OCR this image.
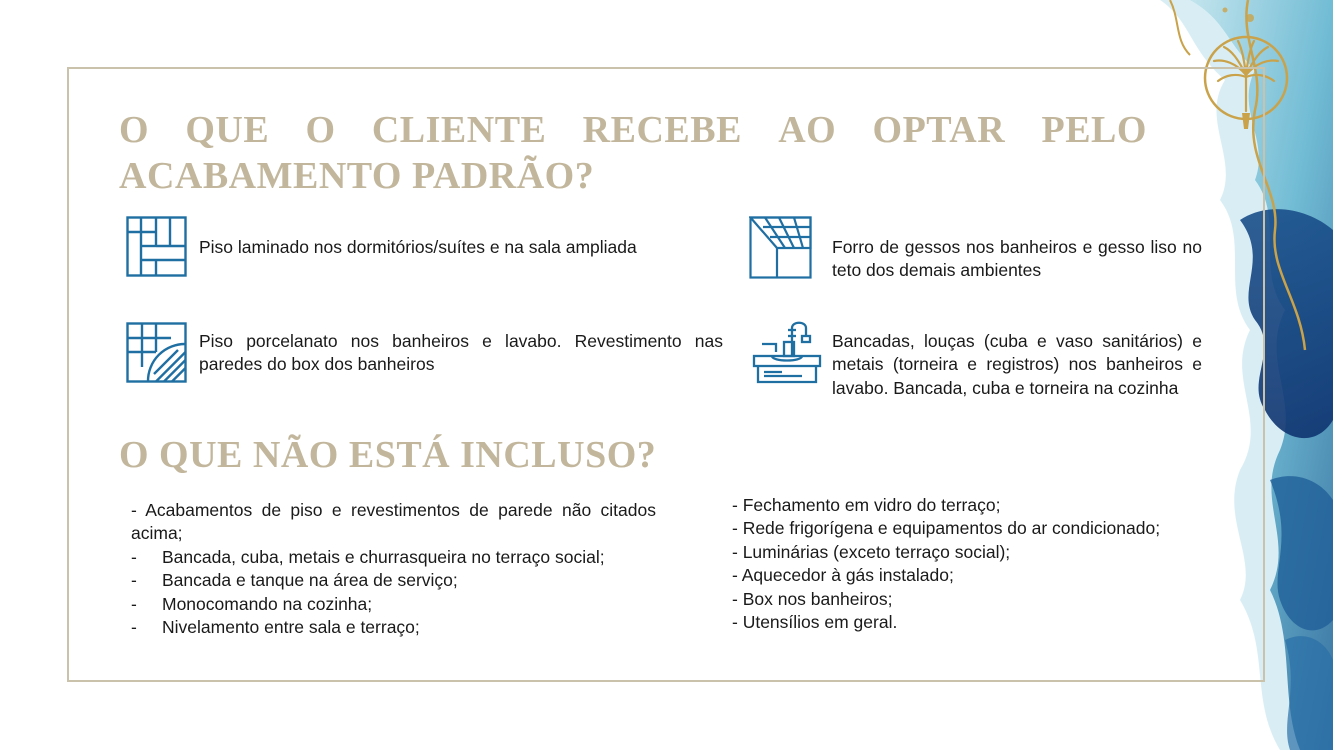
O QUE O CLIENTE RECEBE AO OPTAR PELO
ACABAMENTO PADRÃO?
Piso laminado nos dormitórios/suítes e na sala ampliada	Forro de gessos nos banheiros e gesso liso no teto dos demais ambientes
Piso porcelanato nos banheiros e lavabo. Revestimento nas paredes do box dos banheiros
Bancadas, louças (cuba e vaso sanitários) e metais (torneira e registros) nos banheiros e lavabo. Bancada, cuba e torneira na cozinha
O QUE NÃO ESTÁ INCLUSO?
- Acabamentos de piso e revestimentos de parede não citados acima;
- Bancada, cuba, metais e churrasqueira no terraço social;
- Bancada e tanque na área de serviço;
- Monocomando na cozinha;
- Nivelamento entre sala e terraço;
- Fechamento em vidro do terraço;
- Rede frigorígena e equipamentos do ar condicionado;
- Luminárias (exceto terraço social);
- Aquecedor à gás instalado;
- Box nos banheiros;
- Utensílios em geral.
